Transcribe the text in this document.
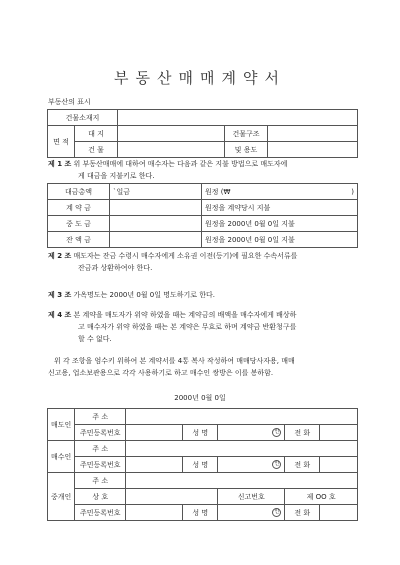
부동산매매계약서
부동산의 표시
건물소재지				
면 적	대 지		건물구조	
	건 물		및 용도	
제 1 조 위 부동산매매에 대하여 매수자는 다음과 같은 지불 방법으로 매도자에
게 대금을 지불키로 한다.
대금총액	`일금	원정 (₩	)
계 약 금		원정을 계약당시 지불	
중 도 금		원정을 2000년 0월 0일 지불	
잔 액 금		원정을 2000년 0월 0일 지불	
제 2 조 매도자는 잔금 수령시 매수자에게 소유권 이전(등기)에 필요한 수속서류를
잔금과 상환하여야 한다.
제 3 조 가옥명도는 2000년 0월 0일 명도하기로 한다.
제 4 조 본 계약을 매도자가 위약 하였을 때는 계약금의 배액을 매수자에게 배상하
고 매수자가 위약 하였을 때는 본 계약은 무효로 하며 계약금 반환청구를
할 수 없다.
위 각 조항을 엄수키 위하여 본 계약서를 4통 복사 작성하여 매매당사자용, 매매
신고용, 업소보관용으로 각각 사용하기로 하고 매수인 쌍방은 이를 봉하함.
2000년 0월 0일
매도인	주 소					
	주민등록번호		성 명	인	전 화	
매수인	주 소					
	주민등록번호		성 명	인	전 화	
중개인	주 소					
	상 호			신고번호	제 OO 호	
	주민등록번호		성 명	인	전 화	
